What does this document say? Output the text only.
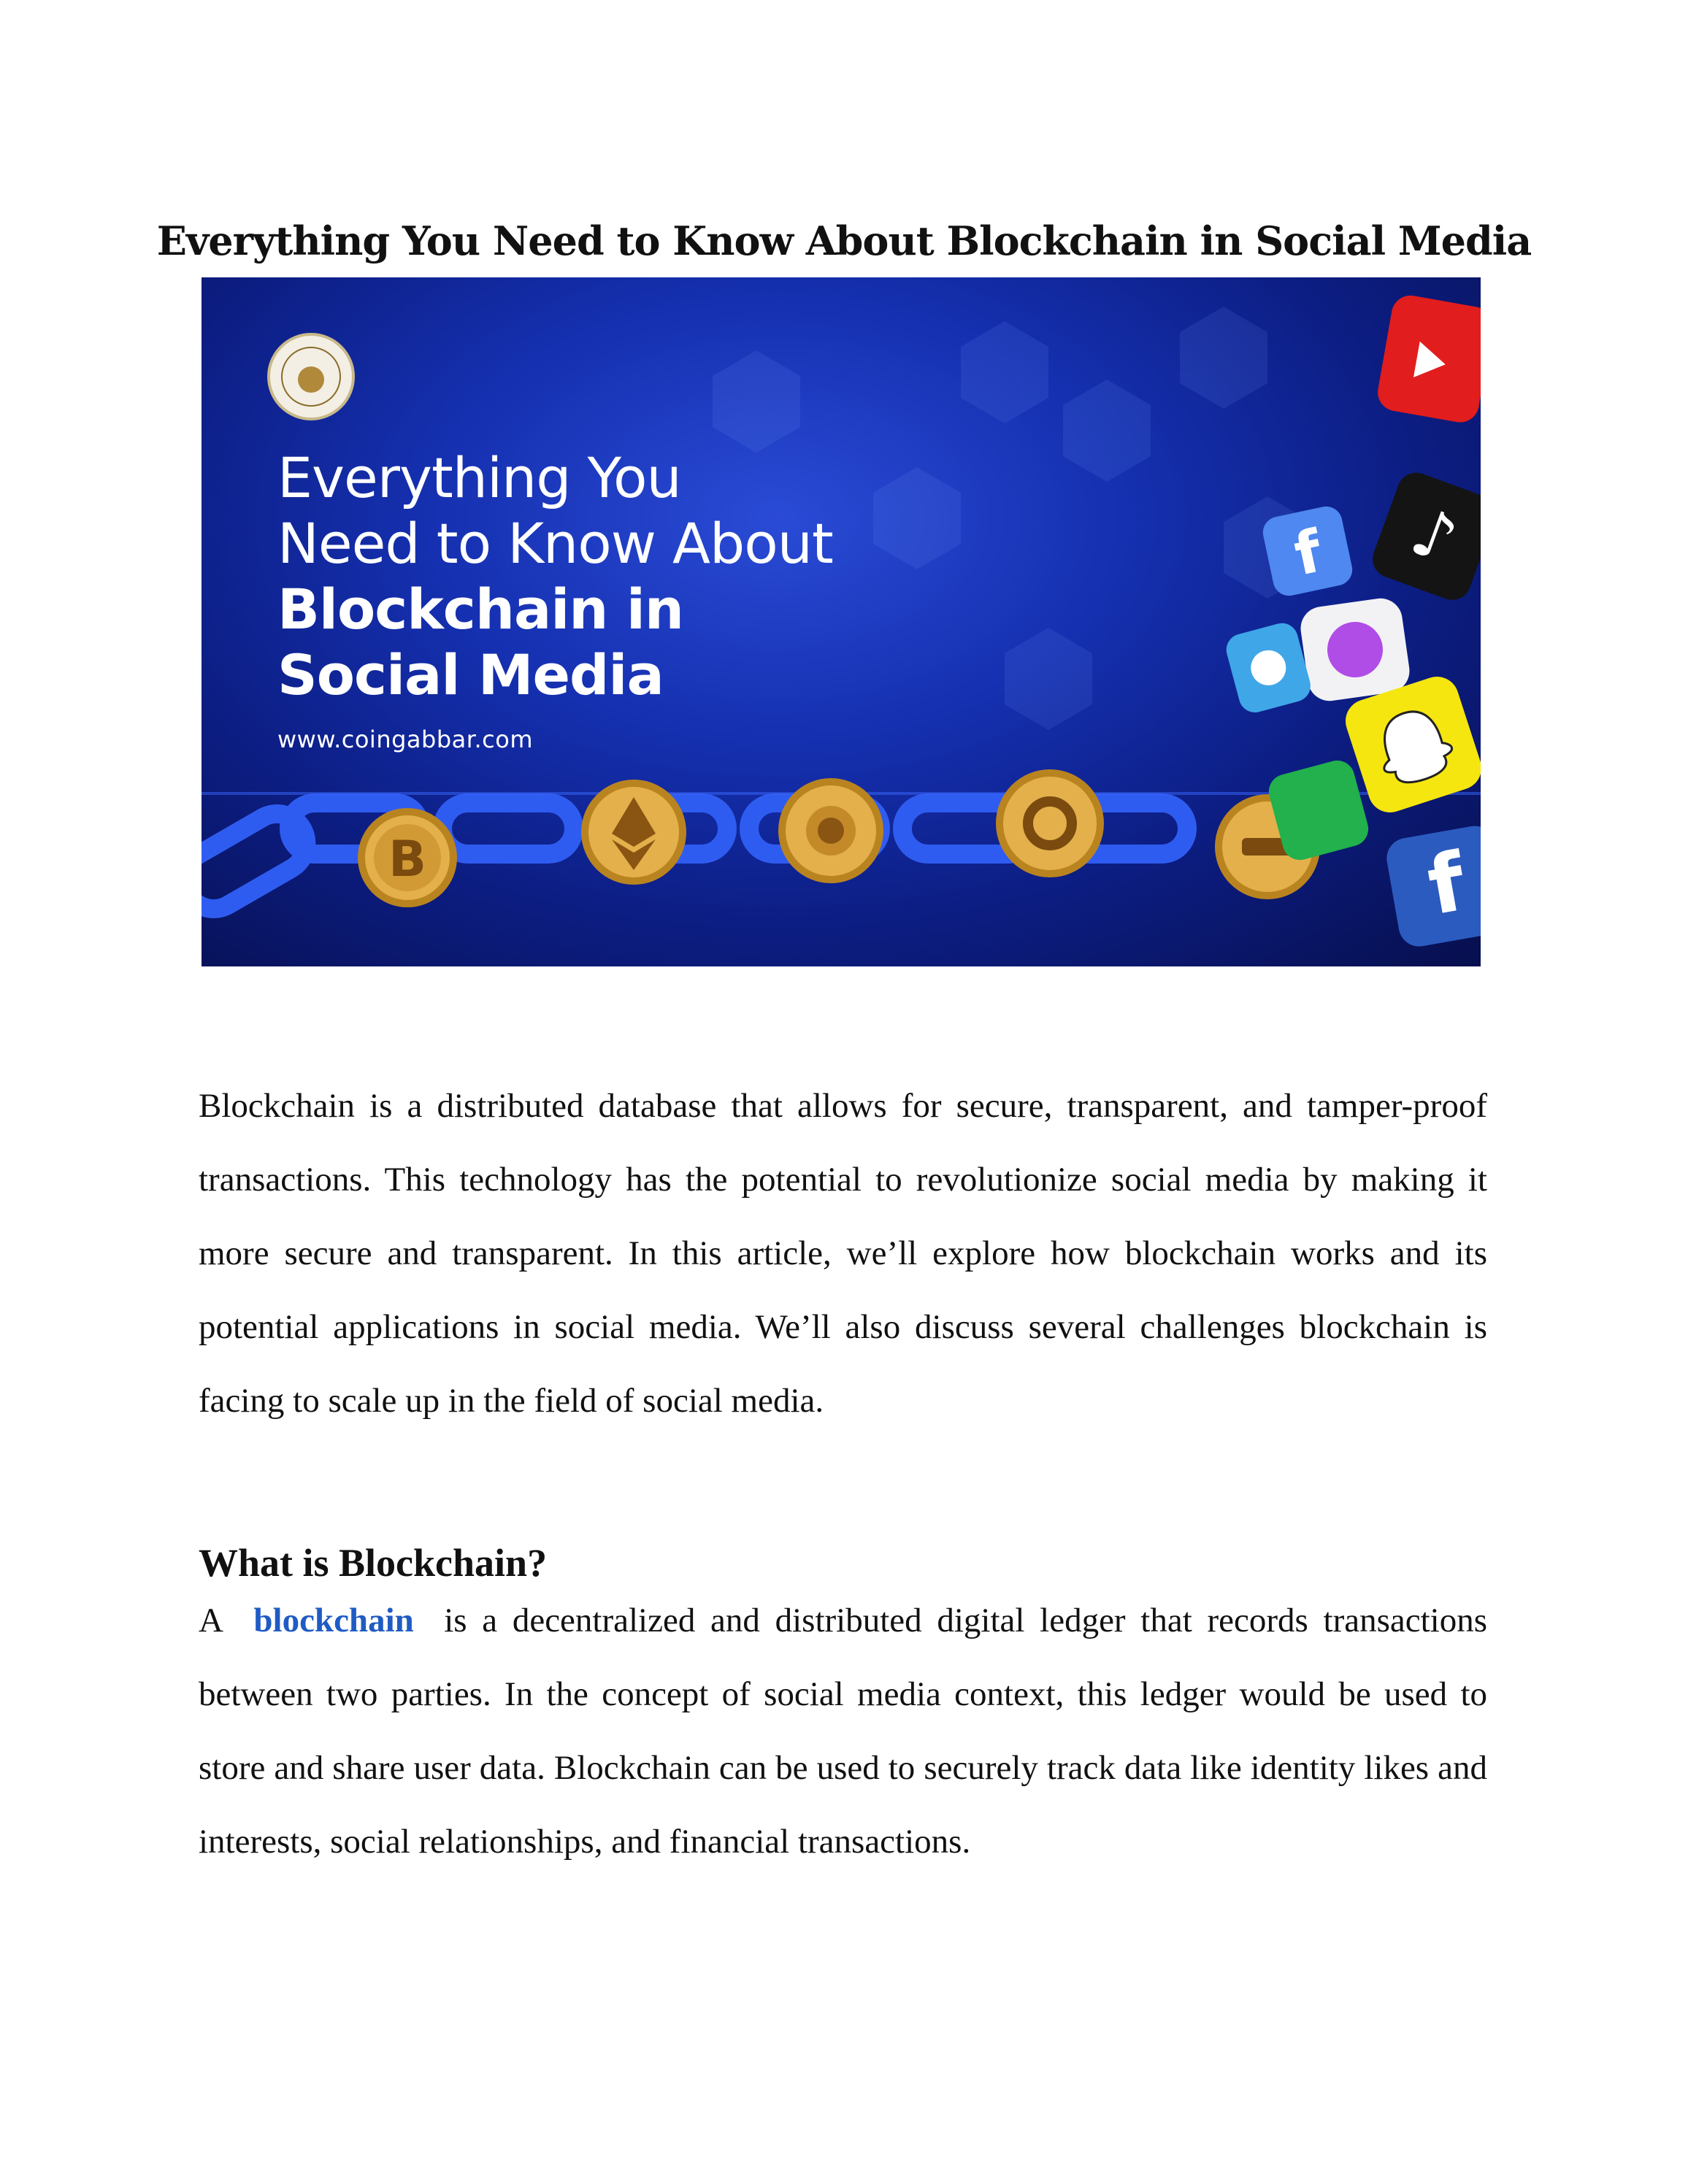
Everything You Need to Know About Blockchain in Social Media
B
♪
f
f
Everything You
Need to Know About
Blockchain in
Social Media
www.coingabbar.com

Blockchain is a distributed database that allows for secure, transparent, and tamper-proof transactions. This technology has the potential to revolutionize social media by making it more secure and transparent. In this article, we’ll explore how blockchain works and its potential applications in social media. We’ll also discuss several challenges blockchain is facing to scale up in the field of social media.

What is Blockchain?

A blockchain is a decentralized and distributed digital ledger that records transactions between two parties. In the concept of social media context, this ledger would be used to store and share user data. Blockchain can be used to securely track data like identity likes and interests, social relationships, and financial transactions.
